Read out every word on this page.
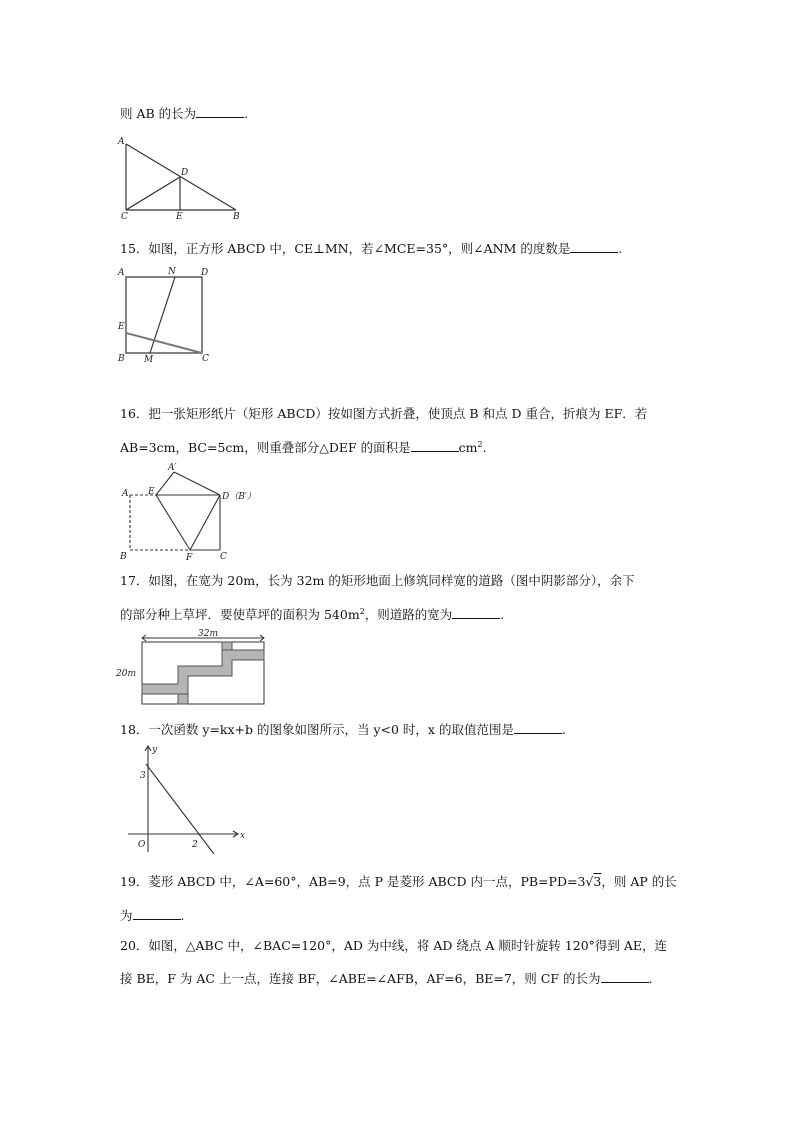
则 AB 的长为	.
A
D
C	E	B
15．如图，正方形 ABCD 中，CE⊥MN，若∠MCE=35°，则∠ANM 的度数是	.
A	N	D
E
B M	C
16．把一张矩形纸片（矩形 ABCD）按如图方式折叠，使顶点 B 和点 D 重合，折痕为 EF．若
AB=3cm，BC=5cm，则重叠部分△DEF 的面积是	$cm^2$.
A′
A E	D（B′）
B	F	C
17．如图，在宽为 20m，长为 32m 的矩形地面上修筑同样宽的道路（图中阴影部分），余下
的部分种上草坪．要使草坪的面积为 $540m^2$，则道路的宽为	.
32m
20m
18．一次函数 y=kx+b 的图象如图所示，当 y<0 时，x 的取值范围是	.
y
x
O
3
2
19．菱形 ABCD 中，∠A=60°，AB=9，点 P 是菱形 ABCD 内一点，PB=PD=3√3，则 AP 的长
为	.
20．如图，△ABC 中，∠BAC=120°，AD 为中线，将 AD 绕点 A 顺时针旋转 120°得到 AE，连
接 BE，F 为 AC 上一点，连接 BF，∠ABE=∠AFB，AF=6，BE=7，则 CF 的长为	.
